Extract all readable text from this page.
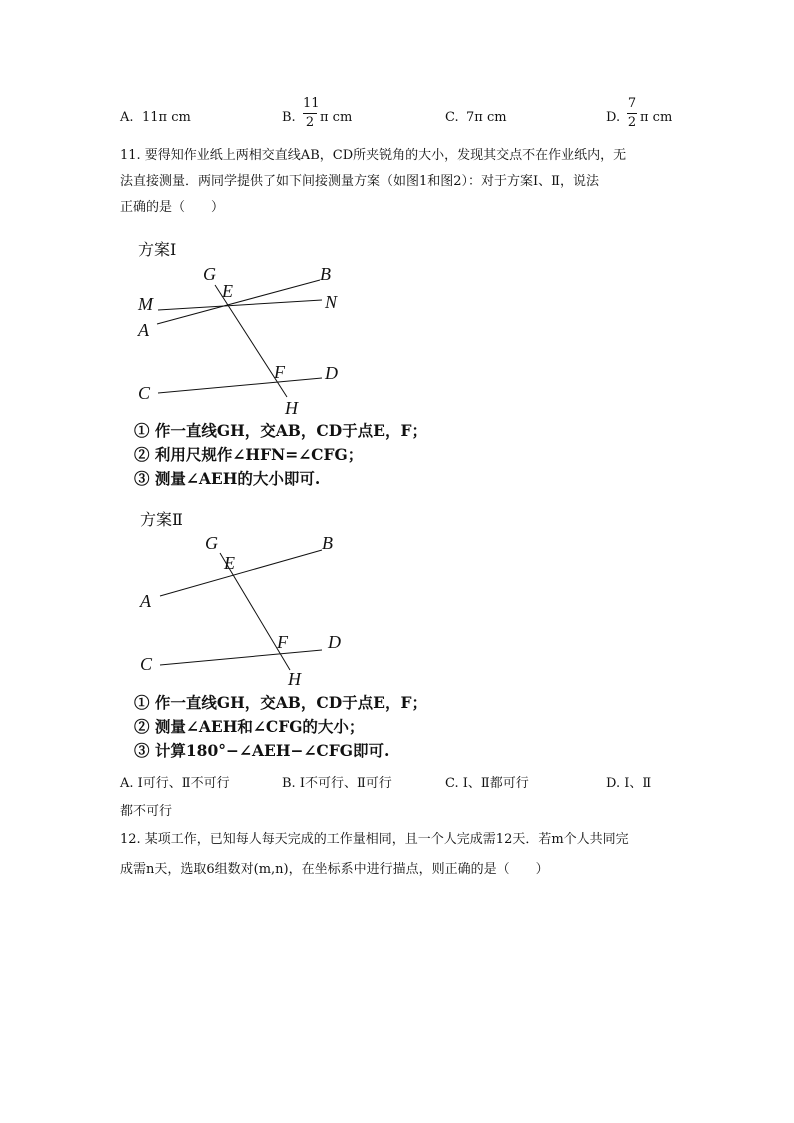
A. 11π cm	B.
11
2 π cm	C. 7π cm	D.
7
2 π cm
11. 要得知作业纸上两相交直线AB，CD所夹锐角的大小，发现其交点不在作业纸内，无
法直接测量．两同学提供了如下间接测量方案（如图1和图2）：对于方案Ⅰ、Ⅱ，说法
正确的是（　　）
方案Ⅰ
G	B
E
M	N
A
F D
C
H
G	B
E
A
F D
C
H
① 作一直线GH，交AB，CD于点E，F；
② 利用尺规作∠HFN=∠CFG；
③ 测量∠AEH的大小即可.
方案Ⅱ
① 作一直线GH，交AB，CD于点E，F；
② 测量∠AEH和∠CFG的大小；
③ 计算180°−∠AEH−∠CFG即可.
A. Ⅰ可行、Ⅱ不可行	B. Ⅰ不可行、Ⅱ可行	C. Ⅰ、Ⅱ都可行	D. Ⅰ、Ⅱ
都不可行
12. 某项工作，已知每人每天完成的工作量相同，且一个人完成需12天．若m个人共同完
成需n天，选取6组数对(m,n)，在坐标系中进行描点，则正确的是（　　）
